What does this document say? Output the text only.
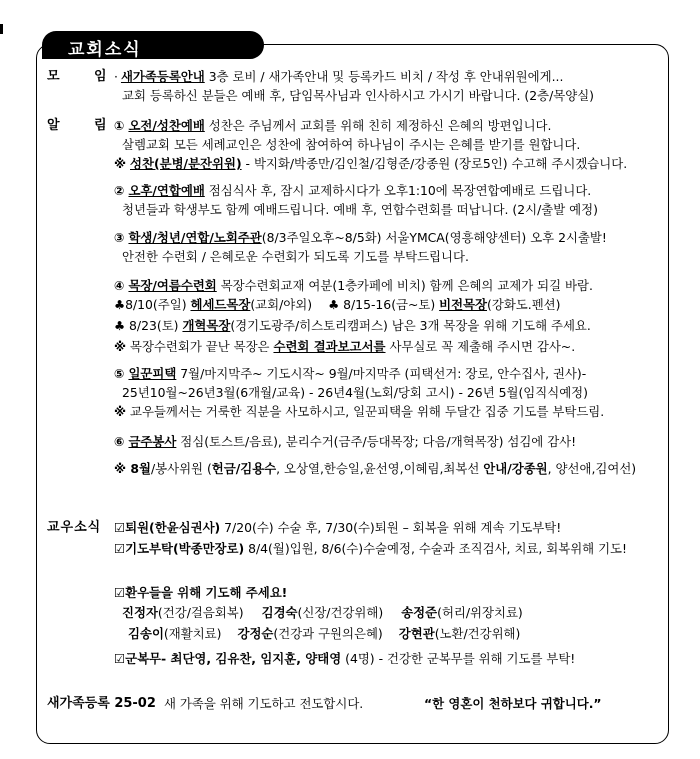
교회소식
모	임 · 새가족등록안내 3층 로비 / 새가족안내 및 등록카드 비치 / 작성 후 안내위원에게...
교회 등록하신 분들은 예배 후, 담임목사님과 인사하시고 가시기 바랍니다. (2층/목양실)
알	림 ① 오전/성찬예배 성찬은 주님께서 교회를 위해 친히 제정하신 은혜의 방편입니다.
살렘교회 모든 세례교인은 성찬에 참여하여 하나님이 주시는 은혜를 받기를 원합니다.
※ 성찬(분병/분잔위원) - 박지화/박종만/김인철/김형준/강종원 (장로5인) 수고해 주시겠습니다.
② 오후/연합예배 점심식사 후, 잠시 교제하시다가 오후1:10에 목장연합예배로 드립니다.
청년들과 학생부도 함께 예배드립니다. 예배 후, 연합수련회를 떠납니다. (2시/출발 예정)
③ 학생/청년/연합/노회주관(8/3주일오후~8/5화) 서울YMCA(영흥해양센터) 오후 2시출발!
안전한 수련회 / 은혜로운 수련회가 되도록 기도를 부탁드립니다.
④ 목장/여름수련회 목장수련회교재 여분(1층카페에 비치) 함께 은혜의 교제가 되길 바람.
♣8/10(주일) 헤세드목장(교회/야외) ♣ 8/15-16(금~토) 비전목장(강화도.펜션)
♣ 8/23(토) 개혁목장(경기도광주/히스토리캠퍼스) 남은 3개 목장을 위해 기도해 주세요.
※ 목장수련회가 끝난 목장은 수련회 결과보고서를 사무실로 꼭 제출해 주시면 감사~.
⑤ 일꾼피택 7월/마지막주~ 기도시작~ 9월/마지막주 (피택선거: 장로, 안수집사, 권사)-
25년10월~26년3월(6개월/교육) - 26년4월(노회/당회 고시) - 26년 5월(임직식예정)
※ 교우들께서는 거룩한 직분을 사모하시고, 일꾼피택을 위해 두달간 집중 기도를 부탁드림.
⑥ 금주봉사 점심(토스트/음료), 분리수거(금주/등대목장; 다음/개혁목장) 섬김에 감사!
※ 8월/봉사위원 (헌금/김용수, 오상열,한승일,윤선영,이혜림,최복선 안내/강종원, 양선애,김여선)
교우소식 ☑퇴원(한윤심권사) 7/20(수) 수술 후, 7/30(수)퇴원 – 회복을 위해 계속 기도부탁!
☑기도부탁(박종만장로) 8/4(월)입원, 8/6(수)수술예정, 수술과 조직검사, 치료, 회복위해 기도!
☑환우들을 위해 기도해 주세요!
진정자(건강/걸음회복) 김경숙(신장/건강위해) 송정준(허리/위장치료)
김송이(재활치료) 강정순(건강과 구원의은혜) 강현관(노환/건강위해)
☑군복무- 최단영, 김유찬, 임지훈, 양태영 (4명) - 건강한 군복무를 위해 기도를 부탁!
새가족등록 25-02 새 가족을 위해 기도하고 전도합시다.	“한 영혼이 천하보다 귀합니다.”
